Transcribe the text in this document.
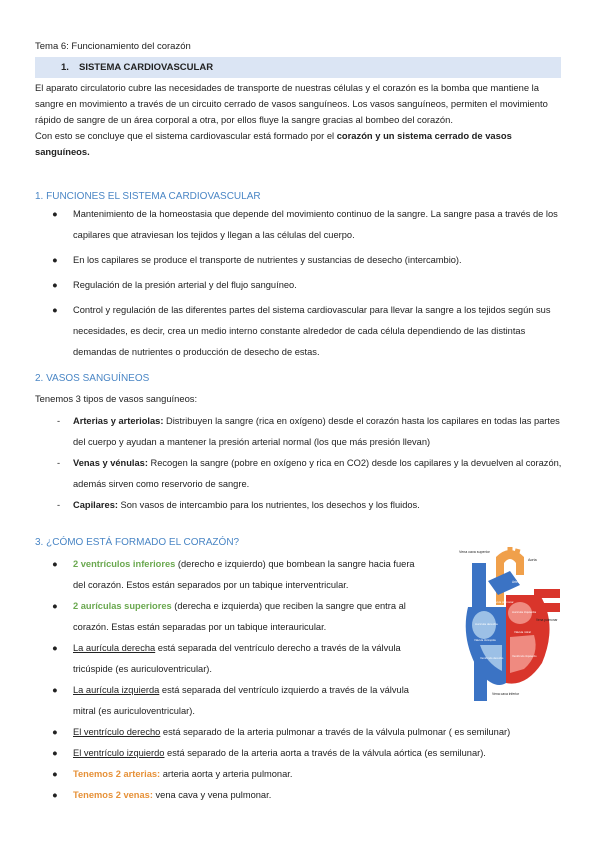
Tema 6: Funcionamiento del corazón
1. SISTEMA CARDIOVASCULAR
El aparato circulatorio cubre las necesidades de transporte de nuestras células y el corazón es la bomba que mantiene la sangre en movimiento a través de un circuito cerrado de vasos sanguíneos. Los vasos sanguíneos, permiten el movimiento rápido de sangre de un área corporal a otra, por ellos fluye la sangre gracias al bombeo del corazón.
Con esto se concluye que el sistema cardiovascular está formado por el corazón y un sistema cerrado de vasos sanguíneos.
1. FUNCIONES EL SISTEMA CARDIOVASCULAR
●	Mantenimiento de la homeostasia que depende del movimiento continuo de la sangre. La sangre pasa a través de los capilares que atraviesan los tejidos y llegan a las células del cuerpo.
●	En los capilares se produce el transporte de nutrientes y sustancias de desecho (intercambio).
●	Regulación de la presión arterial y del flujo sanguíneo.
●	Control y regulación de las diferentes partes del sistema cardiovascular para llevar la sangre a los tejidos según sus necesidades, es decir, crea un medio interno constante alrededor de cada célula dependiendo de las distintas demandas de nutrientes o producción de desecho de estas.
2. VASOS SANGUÍNEOS
Tenemos 3 tipos de vasos sanguíneos:
-	Arterias y arteriolas: Distribuyen la sangre (rica en oxígeno) desde el corazón hasta los capilares en todas las partes del cuerpo y ayudan a mantener la presión arterial normal (los que más presión llevan)
-	Venas y vénulas: Recogen la sangre (pobre en oxígeno y rica en CO2) desde los capilares y la devuelven al corazón, además sirven como reservorio de sangre.
-	Capilares: Son vasos de intercambio para los nutrientes, los desechos y los fluidos.
3. ¿CÓMO ESTÁ FORMADO EL CORAZÓN?
●	2 ventrículos inferiores (derecho e izquierdo) que bombean la sangre hacia fuera del corazón. Estos están separados por un tabique interventricular.
●	2 aurículas superiores (derecha e izquierda) que reciben la sangre que entra al corazón. Estas están separadas por un tabique interauricular.
●	La aurícula derecha está separada del ventrículo derecho a través de la válvula tricúspide (es auriculoventricular).
●	La aurícula izquierda está separada del ventrículo izquierdo a través de la válvula mitral (es auriculoventricular).
●	El ventrículo derecho está separado de la arteria pulmonar a través de la válvula pulmonar ( es semilunar)
●	El ventrículo izquierdo está separado de la arteria aorta a través de la válvula aórtica (es semilunar).
●	Tenemos 2 arterias: arteria aorta y arteria pulmonar.
●	Tenemos 2 venas: vena cava y vena pulmonar.
Vena cava superior
Aorta
Arteria pulmonar
Vena pulmonar
Aurícula derecha
Aurícula izquierda
Válvula tricúspide
Válvula mitral
Válvula pulmonar
Ventrículo derecho	Ventrículo izquierdo
Vena cava inferior
